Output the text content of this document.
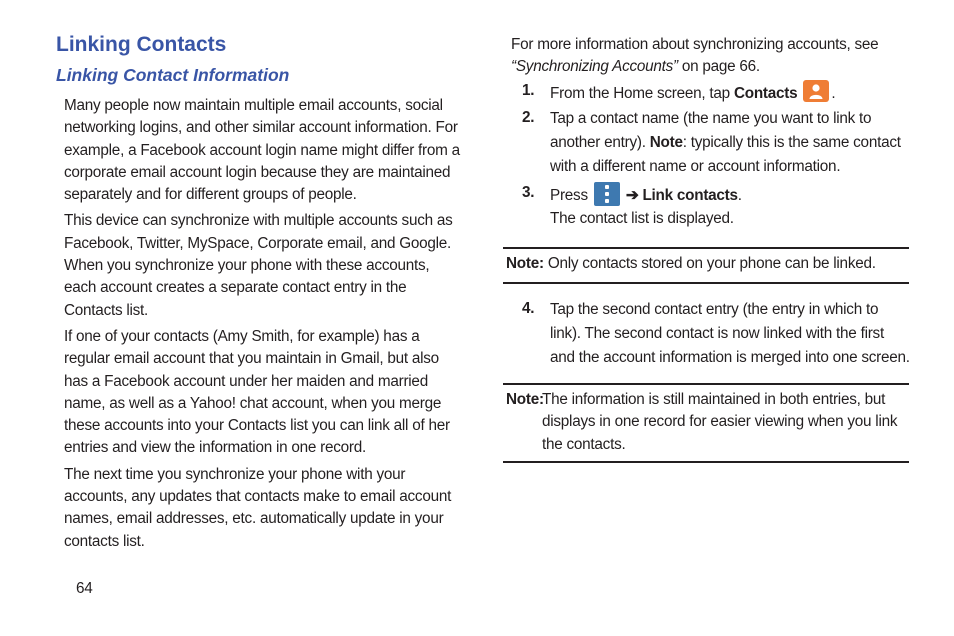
Linking Contacts
Linking Contact Information

Many people now maintain multiple email accounts, social networking logins, and other similar account information. For example, a Facebook account login name might differ from a corporate email account login because they are maintained separately and for different groups of people.

This device can synchronize with multiple accounts such as Facebook, Twitter, MySpace, Corporate email, and Google. When you synchronize your phone with these accounts, each account creates a separate contact entry in the Contacts list.

If one of your contacts (Amy Smith, for example) has a regular email account that you maintain in Gmail, but also has a Facebook account under her maiden and married name, as well as a Yahoo! chat account, when you merge these accounts into your Contacts list you can link all of her entries and view the information in one record.

The next time you synchronize your phone with your accounts, any updates that contacts make to email account names, email addresses, etc. automatically update in your contacts list.

For more information about synchronizing accounts, see
“Synchronizing Accounts” on page 66.
1. From the Home screen, tap Contacts .
2. Tap a contact name (the name you want to link to another entry). Note: typically this is the same contact with a different name or account information.
3. Press
➔ Link contacts.
The contact list is displayed.
Note: Only contacts stored on your phone can be linked.
4. Tap the second contact entry (the entry in which to link). The second contact is now linked with the first and the account information is merged into one screen.
Note:
The information is still maintained in both entries, but displays in one record for easier viewing when you link the contacts.
64
